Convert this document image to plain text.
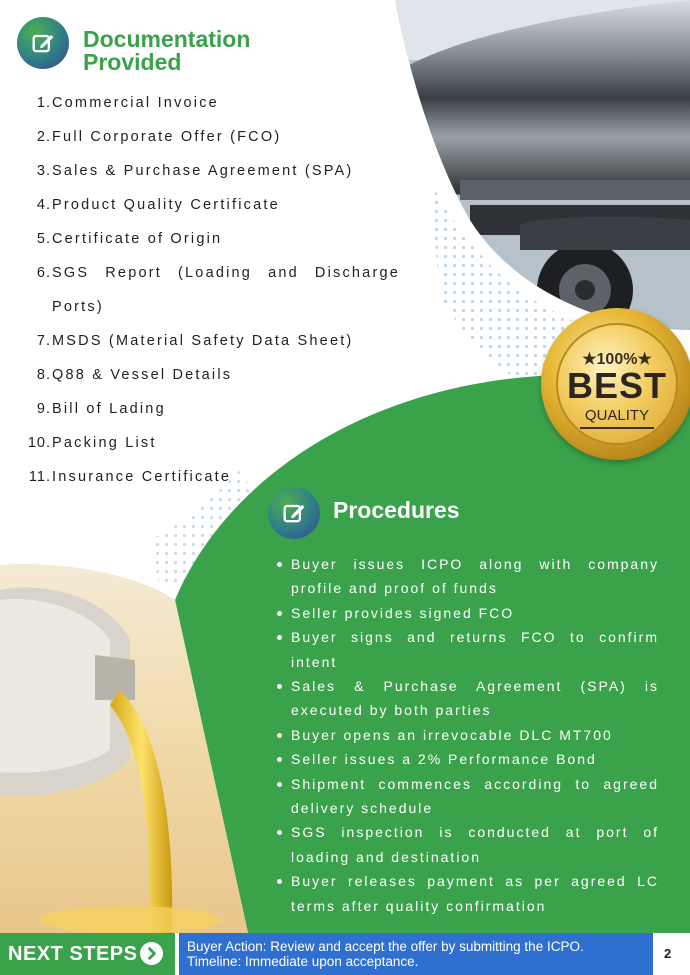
Documentation
Provided
1. Commercial Invoice
2. Full Corporate Offer (FCO)
3. Sales & Purchase Agreement (SPA)
4. Product Quality Certificate
5. Certificate of Origin
6. SGS Report (Loading and Discharge Ports)
7. MSDS (Material Safety Data Sheet)
8. Q88 & Vessel Details
9. Bill of Lading
10. Packing List
11. Insurance Certificate
★100%★
BEST
QUALITY
Procedures
Buyer issues ICPO along with company profile and proof of funds
Seller provides signed FCO
Buyer signs and returns FCO to confirm intent
Sales & Purchase Agreement (SPA) is executed by both parties
Buyer opens an irrevocable DLC MT700
Seller issues a 2% Performance Bond
Shipment commences according to agreed delivery schedule
SGS inspection is conducted at port of loading and destination
Buyer releases payment as per agreed LC terms after quality confirmation
NEXT STEPS	Buyer Action: Review and accept the offer by submitting the ICPO.
Timeline: Immediate upon acceptance.
2
